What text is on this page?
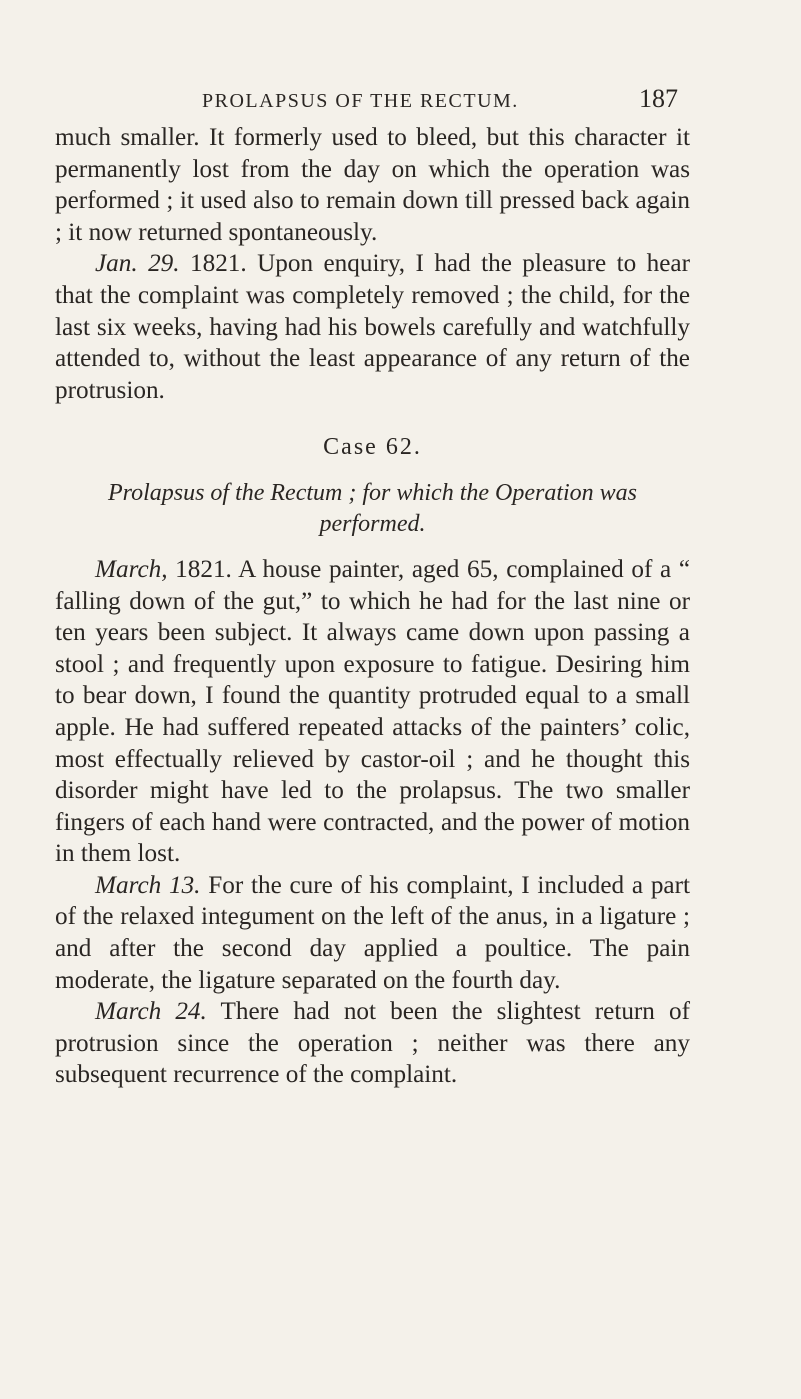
PROLAPSUS OF THE RECTUM.	187

much smaller. It formerly used to bleed, but this character it permanently lost from the day on which the operation was performed ; it used also to remain down till pressed back again ; it now returned spontaneously.

Jan. 29. 1821. Upon enquiry, I had the pleasure to hear that the complaint was completely removed ; the child, for the last six weeks, having had his bowels carefully and watchfully attended to, without the least appearance of any return of the protrusion.

Case 62.
Prolapsus of the Rectum ; for which the Operation was performed.

March, 1821. A house painter, aged 65, complained of a “ falling down of the gut,” to which he had for the last nine or ten years been subject. It always came down upon passing a stool ; and frequently upon exposure to fatigue. Desiring him to bear down, I found the quantity protruded equal to a small apple. He had suffered repeated attacks of the painters’ colic, most effectually relieved by castor-oil ; and he thought this disorder might have led to the prolapsus. The two smaller fingers of each hand were contracted, and the power of motion in them lost.

March 13. For the cure of his complaint, I included a part of the relaxed integument on the left of the anus, in a ligature ; and after the second day applied a poultice. The pain moderate, the ligature separated on the fourth day.

March 24. There had not been the slightest return of protrusion since the operation ; neither was there any subsequent recurrence of the complaint.
